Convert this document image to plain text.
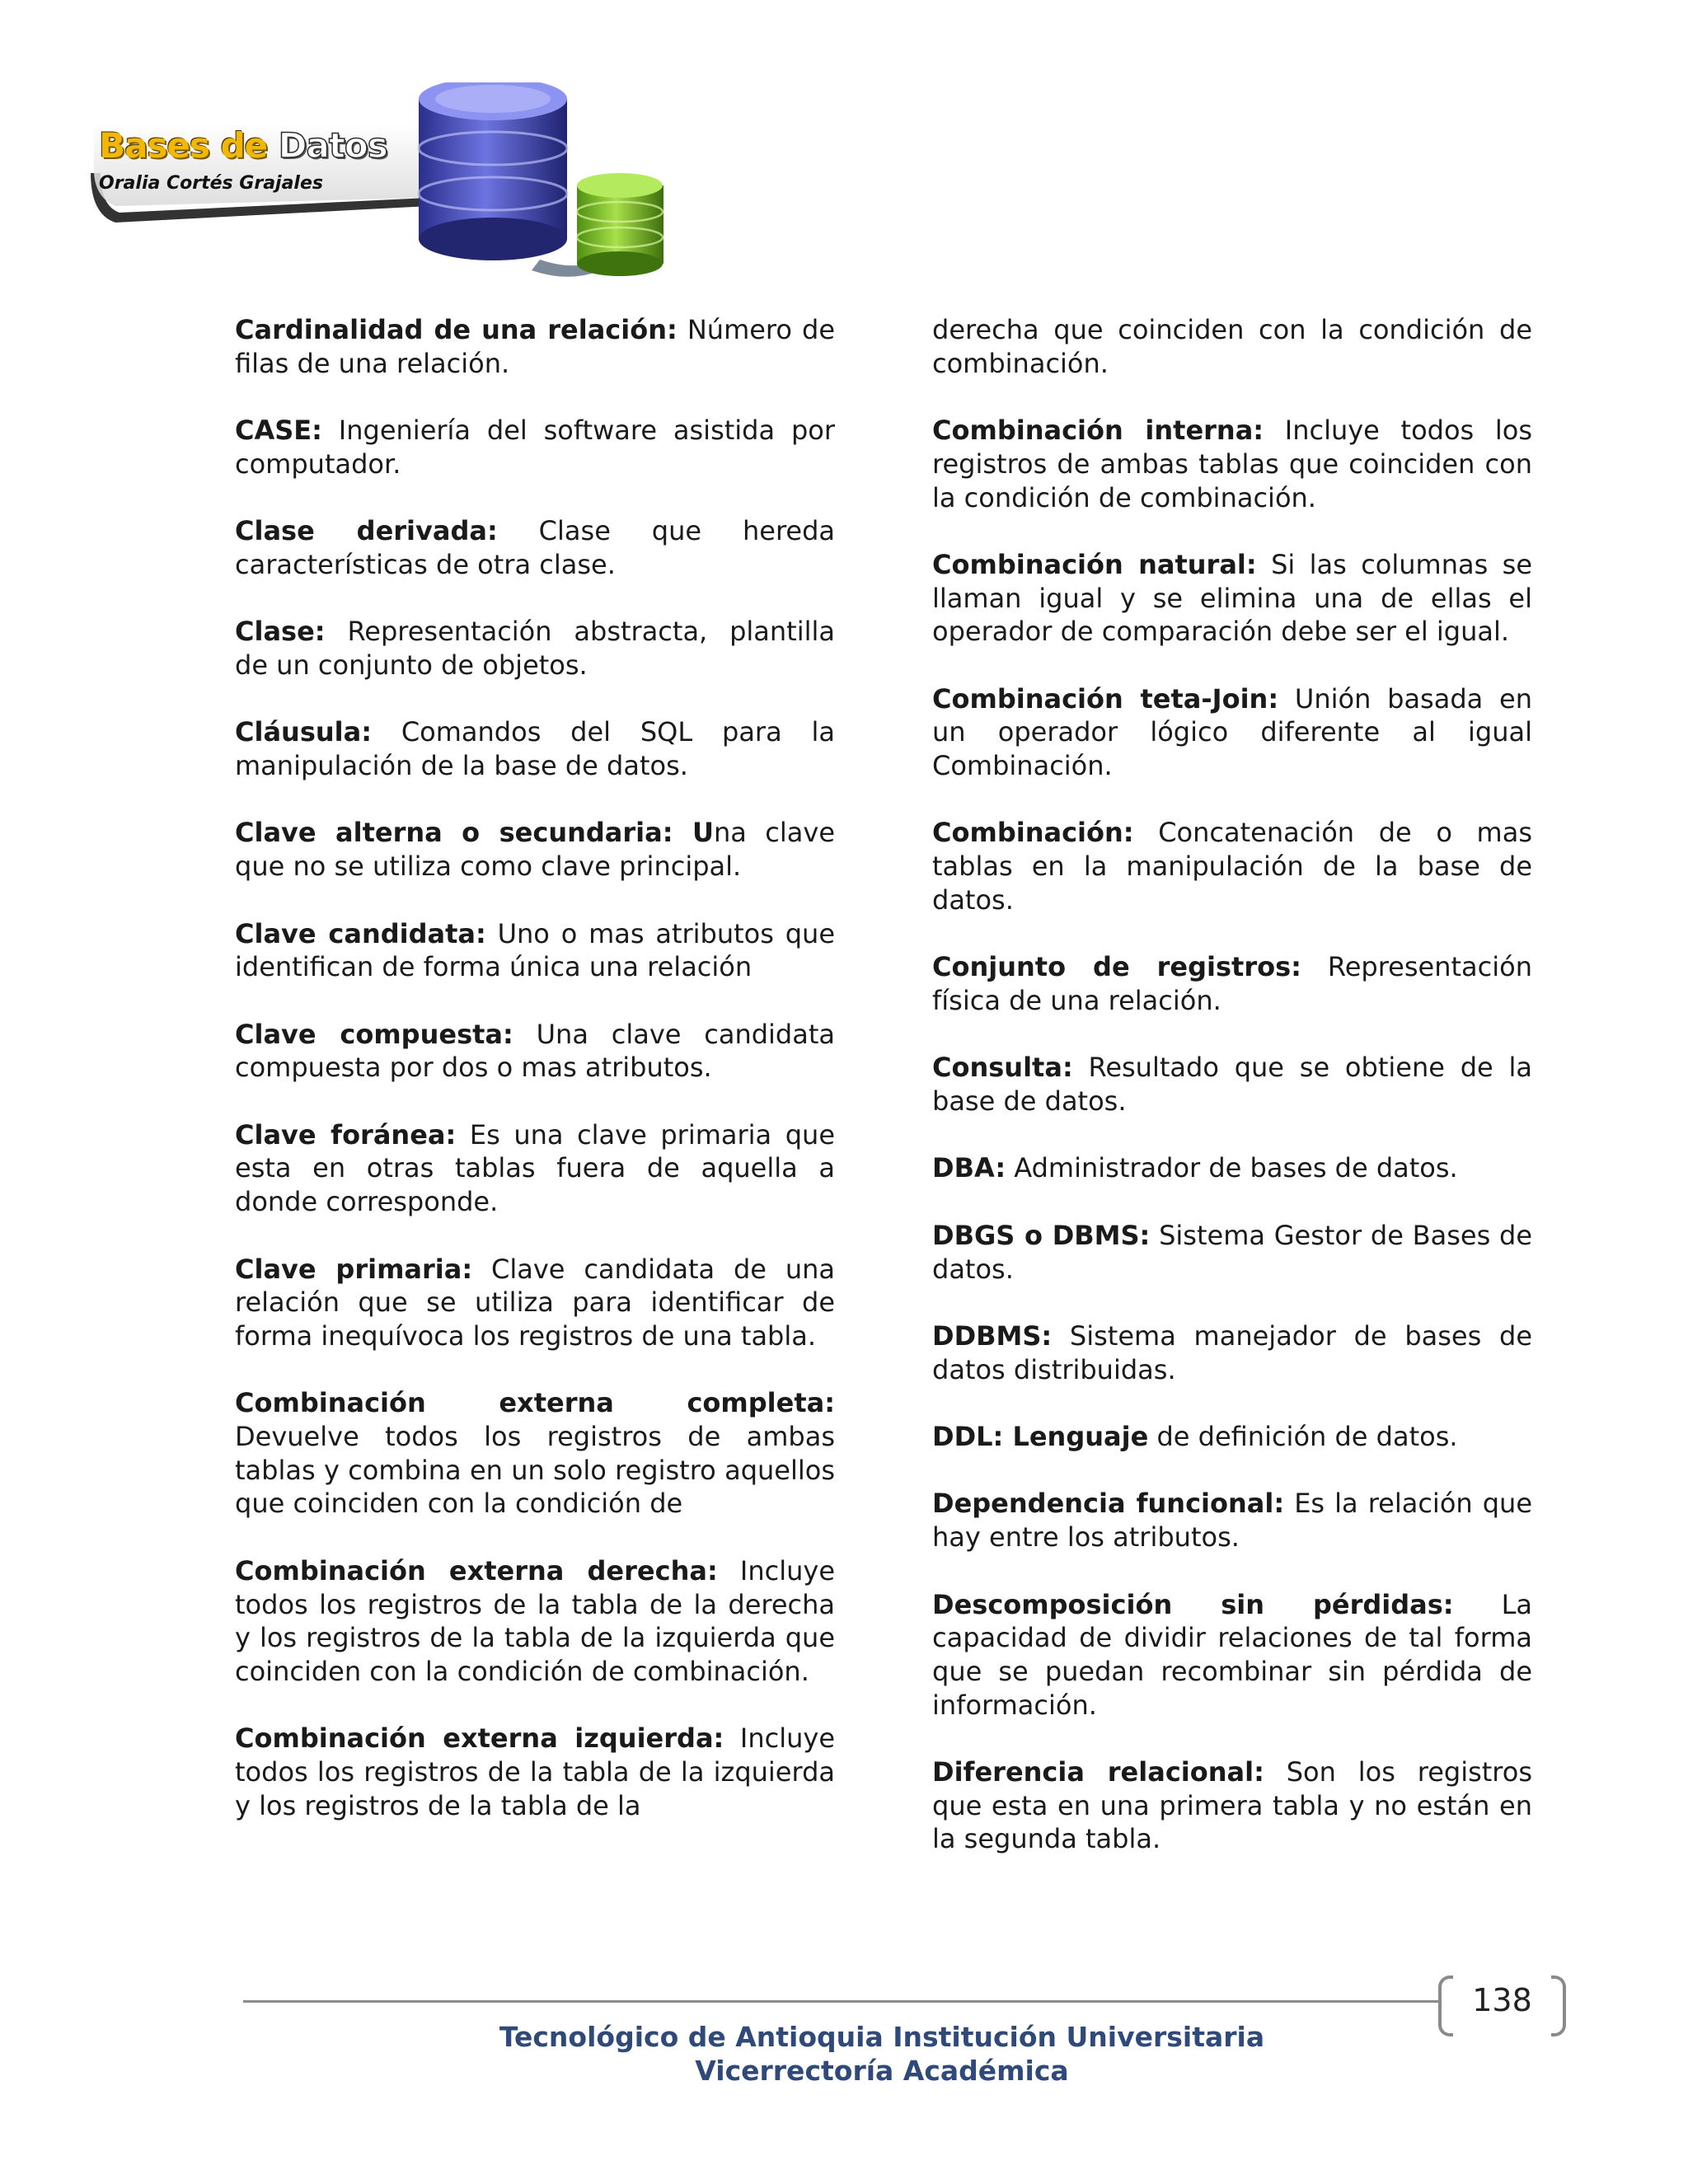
Bases de Datos
Oralia Cortés Grajales

Cardinalidad de una relación: Número de filas de una relación.

CASE: Ingeniería del software asistida por computador.

Clase derivada: Clase que hereda características de otra clase.

Clase: Representación abstracta, plantilla de un conjunto de objetos.

Cláusula: Comandos del SQL para la manipulación de la base de datos.

Clave alterna o secundaria: Una clave que no se utiliza como clave principal.

Clave candidata: Uno o mas atributos que identifican de forma única una relación

Clave compuesta: Una clave candidata compuesta por dos o mas atributos.

Clave foránea: Es una clave primaria que esta en otras tablas fuera de aquella a donde corresponde.

Clave primaria: Clave candidata de una relación que se utiliza para identificar de forma inequívoca los registros de una tabla.

Combinación externa completa: Devuelve todos los registros de ambas tablas y combina en un solo registro aquellos que coinciden con la condición de

Combinación externa derecha: Incluye todos los registros de la tabla de la derecha y los registros de la tabla de la izquierda que coinciden con la condición de combinación.

Combinación externa izquierda: Incluye todos los registros de la tabla de la izquierda y los registros de la tabla de la

derecha que coinciden con la condición de combinación.

Combinación interna: Incluye todos los registros de ambas tablas que coinciden con la condición de combinación.

Combinación natural: Si las columnas se llaman igual y se elimina una de ellas el operador de comparación debe ser el igual.

Combinación teta-Join: Unión basada en un operador lógico diferente al igual Combinación.

Combinación: Concatenación de o mas tablas en la manipulación de la base de datos.

Conjunto de registros: Representación física de una relación.

Consulta: Resultado que se obtiene de la base de datos.

DBA: Administrador de bases de datos.

DBGS o DBMS: Sistema Gestor de Bases de datos.

DDBMS: Sistema manejador de bases de datos distribuidas.

DDL: Lenguaje de definición de datos.

Dependencia funcional: Es la relación que hay entre los atributos.

Descomposición sin pérdidas: La capacidad de dividir relaciones de tal forma que se puedan recombinar sin pérdida de información.

Diferencia relacional: Son los registros que esta en una primera tabla y no están en la segunda tabla.

138
Tecnológico de Antioquia Institución Universitaria
Vicerrectoría Académica
